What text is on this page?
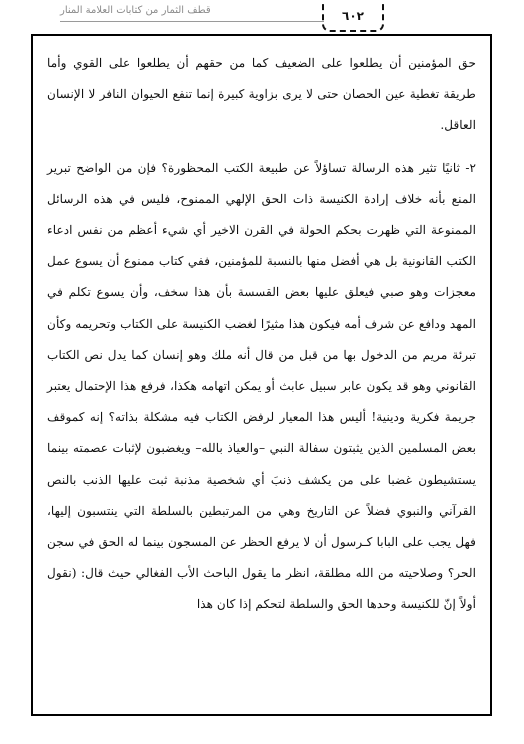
قطف الثمار من كتابات العلامة المنار	٦٠٢

حق المؤمنين أن يطلعوا على الضعيف كما من حقهم أن يطلعوا على القوي وأما طريقة تغطية عين الحصان حتى لا يرى بزاوية كبيرة إنما تنفع الحيوان النافر لا الإنسان العاقل.

٢- ثانيًا تثير هذه الرسالة تساؤلاً عن طبيعة الكتب المحظورة؟ فإن من الواضح تبرير المنع بأنه خلاف إرادة الكنيسة ذات الحق الإلهي الممنوح، فليس في هذه الرسائل الممنوعة التي ظهرت بحكم الحولة في القرن الاخير أي شيء أعظم من نفس ادعاء الكتب القانونية بل هي أفضل منها بالنسبة للمؤمنين، ففي كتاب ممنوع أن يسوع عمل معجزات وهو صبي فيعلق عليها بعض القسسة بأن هذا سخف، وأن يسوع تكلم في المهد ودافع عن شرف أمه فيكون هذا مثيرًا لغضب الكنيسة على الكتاب وتحريمه وكأن تبرئة مريم من الدخول بها من قبل من قال أنه ملك وهو إنسان كما يدل نص الكتاب القانوني وهو قد يكون عابر سبيل عابث أو يمكن اتهامه هكذا، فرفع هذا الإحتمال يعتبر جريمة فكرية ودينية! أليس هذا المعيار لرفض الكتاب فيه مشكلة بذاته؟ إنه كموقف بعض المسلمين الذين يثبتون سفالة النبي –والعياذ بالله– ويغضبون لإثبات عصمته بينما يستشيطون غضبا على من يكشف ذنبَ أي شخصية مذنبة ثبت عليها الذنب بالنص القرآني والنبوي فضلاً عن التاريخ وهي من المرتبطين بالسلطة التي ينتسبون إليها، فهل يجب على البابا كـرسول أن لا يرفع الحظر عن المسجون بينما له الحق في سجن الحر؟ وصلاحيته من الله مطلقة، انظر ما يقول الباحث الأب الفغالي حيث قال: (نقول أولاً إنّ للكنيسة وحدها الحق والسلطة لتحكم إذا كان هذا
